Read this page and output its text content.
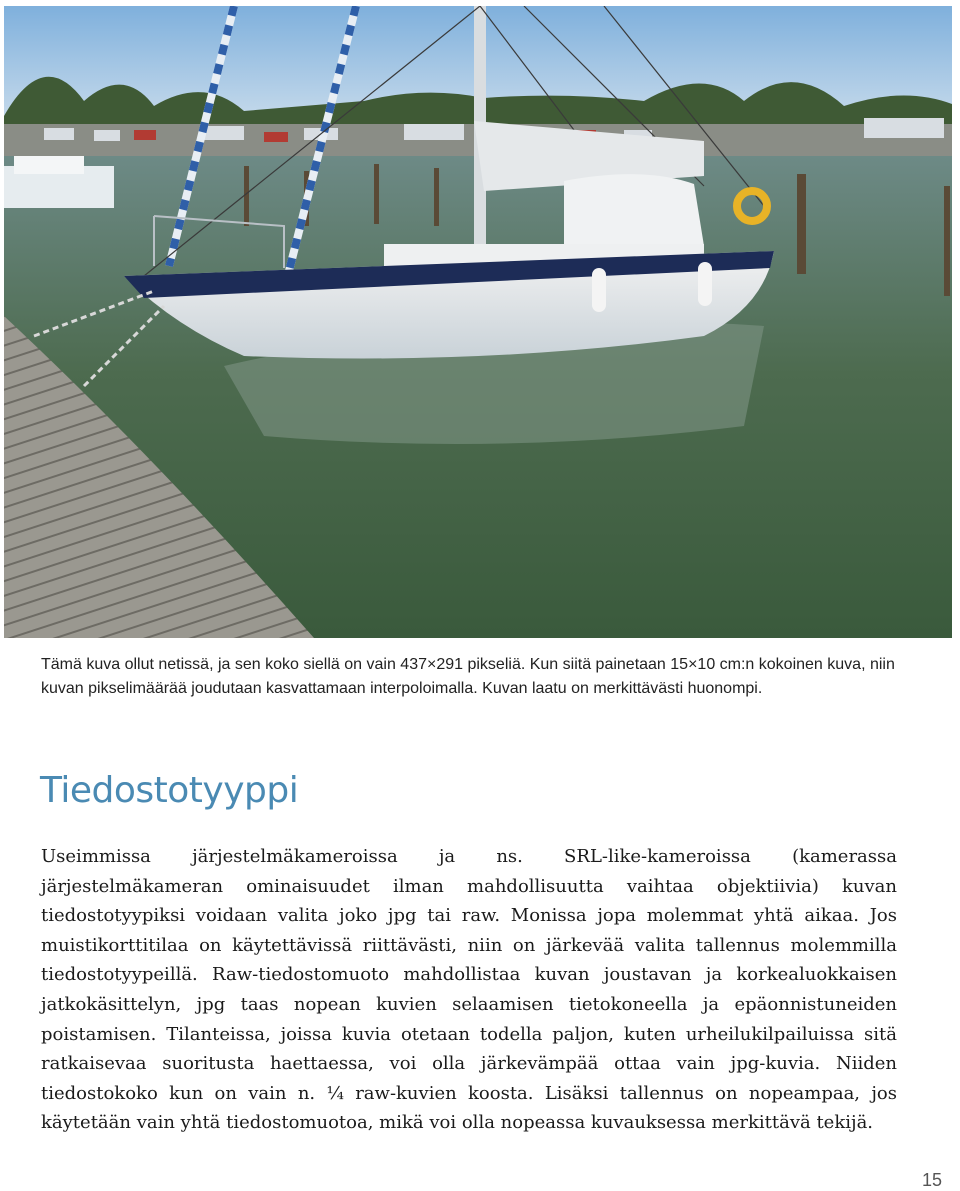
Tämä kuva ollut netissä, ja sen koko siellä on vain 437×291 pikseliä. Kun siitä painetaan 15×10 cm:n kokoinen kuva, niin kuvan pikselimäärää joudutaan kasvattamaan interpoloimalla. Kuvan laatu on merkittävästi huonompi.

Tiedostotyyppi

Useimmissa järjestelmäkameroissa ja ns. SRL-like-kameroissa (kamerassa järjestelmäkameran ominaisuudet ilman mahdollisuutta vaihtaa objektiivia) kuvan tiedostotyypiksi voidaan valita joko jpg tai raw. Monissa jopa molemmat yhtä aikaa. Jos muistikorttitilaa on käytettävissä riittävästi, niin on järkevää valita tallennus molemmilla tiedostotyypeillä. Raw-tiedostomuoto mahdollistaa kuvan joustavan ja korkealuokkaisen jatkokäsittelyn, jpg taas nopean kuvien selaamisen tietokoneella ja epäonnistuneiden poistamisen. Tilanteissa, joissa kuvia otetaan todella paljon, kuten urheilukilpailuissa sitä ratkaisevaa suoritusta haettaessa, voi olla järkevämpää ottaa vain jpg-kuvia. Niiden tiedostokoko kun on vain n. ¼ raw-kuvien koosta. Lisäksi tallennus on nopeampaa, jos käytetään vain yhtä tiedostomuotoa, mikä voi olla nopeassa kuvauksessa merkittävä tekijä.

15
